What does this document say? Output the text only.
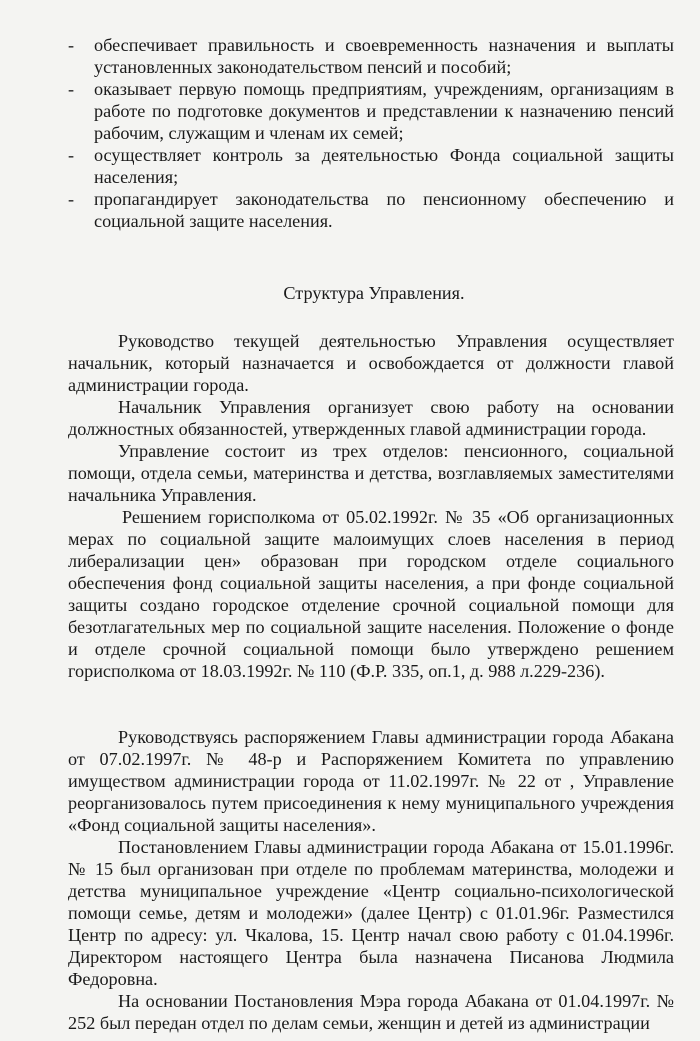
- обеспечивает правильность и своевременность назначения и выплаты установленных законодательством пенсий и пособий;
- оказывает первую помощь предприятиям, учреждениям, организациям в работе по подготовке документов и представлении к назначению пенсий рабочим, служащим и членам их семей;
- осуществляет контроль за деятельностью Фонда социальной защиты населения;
- пропагандирует законодательства по пенсионному обеспечению и социальной защите населения.
Структура Управления.

Руководство текущей деятельностью Управления осуществляет начальник, который назначается и освобождается от должности главой администрации города.

Начальник Управления организует свою работу на основании должностных обязанностей, утвержденных главой администрации города.

Управление состоит из трех отделов: пенсионного, социальной помощи, отдела семьи, материнства и детства, возглавляемых заместителями начальника Управления.

Решением горисполкома от 05.02.1992г. № 35 «Об организационных мерах по социальной защите малоимущих слоев населения в период либерализации цен» образован при городском отделе социального обеспечения фонд социальной защиты населения, а при фонде социальной защиты создано городское отделение срочной социальной помощи для безотлагательных мер по социальной защите населения. Положение о фонде и отделе срочной социальной помощи было утверждено решением горисполкома от 18.03.1992г. № 110 (Ф.Р. 335, оп.1, д. 988 л.229-236).

Руководствуясь распоряжением Главы администрации города Абакана от 07.02.1997г. № 48-р и Распоряжением Комитета по управлению имуществом администрации города от 11.02.1997г. № 22 от , Управление реорганизовалось путем присоединения к нему муниципального учреждения «Фонд социальной защиты населения».

Постановлением Главы администрации города Абакана от 15.01.1996г. № 15 был организован при отделе по проблемам материнства, молодежи и детства муниципальное учреждение «Центр социально-психологической помощи семье, детям и молодежи» (далее Центр) с 01.01.96г. Разместился Центр по адресу: ул. Чкалова, 15. Центр начал свою работу с 01.04.1996г. Директором настоящего Центра была назначена Писанова Людмила Федоровна.

На основании Постановления Мэра города Абакана от 01.04.1997г. № 252 был передан отдел по делам семьи, женщин и детей из администрации
